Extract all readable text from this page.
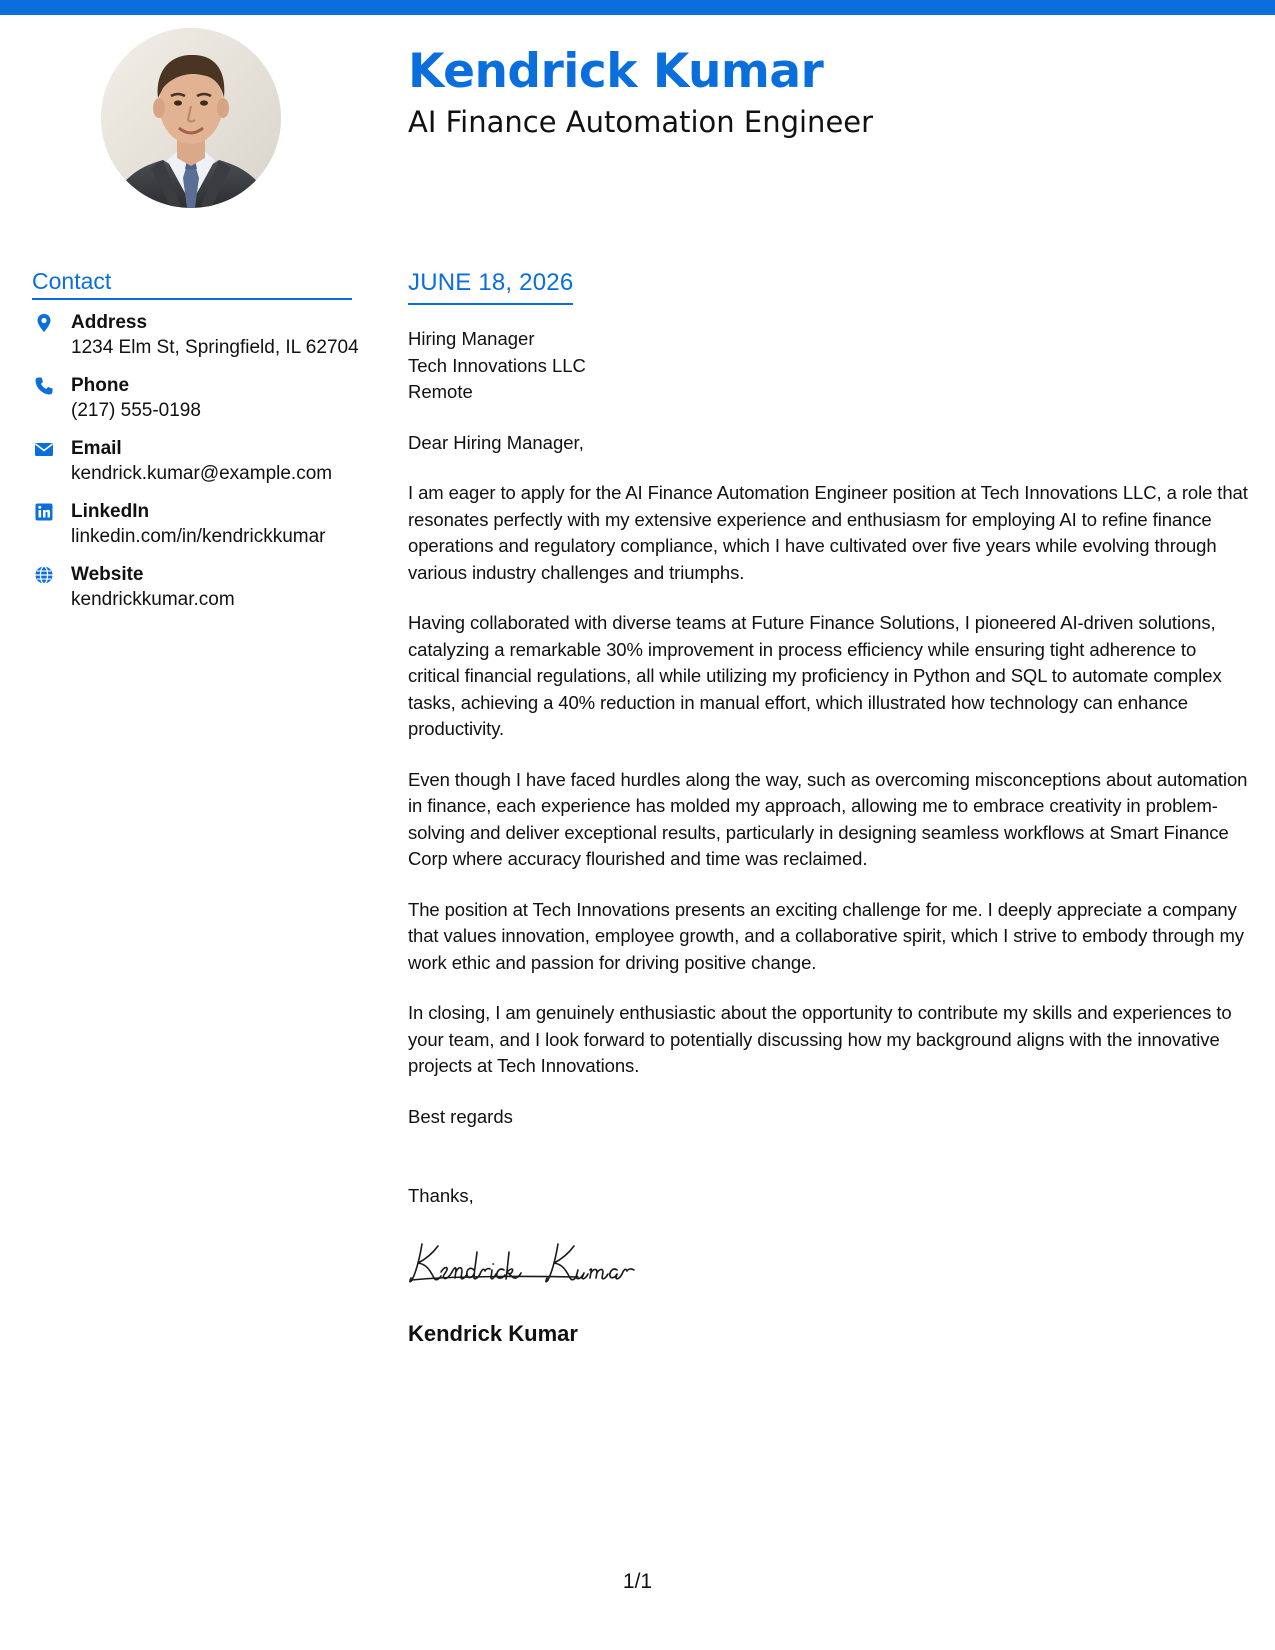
Kendrick Kumar
AI Finance Automation Engineer
Contact
Address
1234 Elm St, Springfield, IL 62704
Phone
(217) 555-0198
Email
kendrick.kumar@example.com
LinkedIn
linkedin.com/in/kendrickkumar
Website
kendrickkumar.com
JUNE 18, 2026
Hiring Manager
Tech Innovations LLC
Remote

Dear Hiring Manager,

I am eager to apply for the AI Finance Automation Engineer position at Tech Innovations LLC, a role that resonates perfectly with my extensive experience and enthusiasm for employing AI to refine finance operations and regulatory compliance, which I have cultivated over five years while evolving through various industry challenges and triumphs.

Having collaborated with diverse teams at Future Finance Solutions, I pioneered AI-driven solutions, catalyzing a remarkable 30% improvement in process efficiency while ensuring tight adherence to critical financial regulations, all while utilizing my proficiency in Python and SQL to automate complex tasks, achieving a 40% reduction in manual effort, which illustrated how technology can enhance productivity.

Even though I have faced hurdles along the way, such as overcoming misconceptions about automation in finance, each experience has molded my approach, allowing me to embrace creativity in problem-solving and deliver exceptional results, particularly in designing seamless workflows at Smart Finance Corp where accuracy flourished and time was reclaimed.

The position at Tech Innovations presents an exciting challenge for me. I deeply appreciate a company that values innovation, employee growth, and a collaborative spirit, which I strive to embody through my work ethic and passion for driving positive change.

In closing, I am genuinely enthusiastic about the opportunity to contribute my skills and experiences to your team, and I look forward to potentially discussing how my background aligns with the innovative projects at Tech Innovations.

Best regards

Thanks,

Kendrick Kumar

1/1
